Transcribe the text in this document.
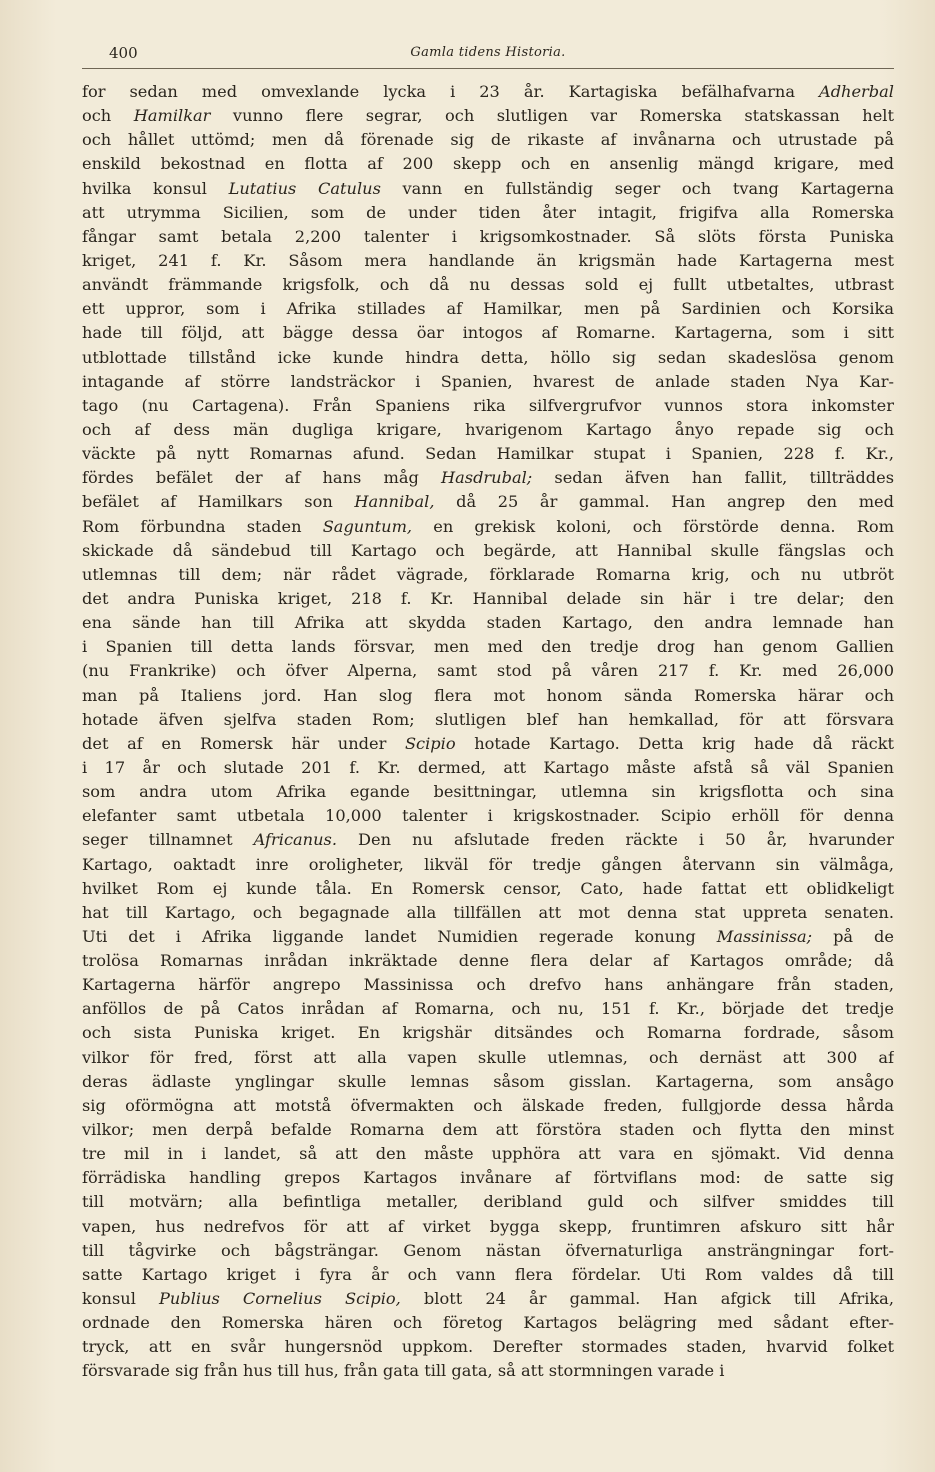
400	Gamla tidens Historia.
for sedan med omvexlande lycka i 23 år. Kartagiska befälhafvarna Adherbal
och Hamilkar vunno flere segrar, och slutligen var Romerska statskassan helt
och hållet uttömd; men då förenade sig de rikaste af invånarna och utrustade på
enskild bekostnad en flotta af 200 skepp och en ansenlig mängd krigare, med
hvilka konsul Lutatius Catulus vann en fullständig seger och tvang Kartagerna
att utrymma Sicilien, som de under tiden åter intagit, frigifva alla Romerska
fångar samt betala 2,200 talenter i krigsomkostnader. Så slöts första Puniska
kriget, 241 f. Kr. Såsom mera handlande än krigsmän hade Kartagerna mest
användt främmande krigsfolk, och då nu dessas sold ej fullt utbetaltes, utbrast
ett uppror, som i Afrika stillades af Hamilkar, men på Sardinien och Korsika
hade till följd, att bägge dessa öar intogos af Romarne. Kartagerna, som i sitt
utblottade tillstånd icke kunde hindra detta, höllo sig sedan skadeslösa genom
intagande af större landsträckor i Spanien, hvarest de anlade staden Nya Kar-
tago (nu Cartagena). Från Spaniens rika silfvergrufvor vunnos stora inkomster
och af dess män dugliga krigare, hvarigenom Kartago ånyo repade sig och
väckte på nytt Romarnas afund. Sedan Hamilkar stupat i Spanien, 228 f. Kr.,
fördes befälet der af hans måg Hasdrubal; sedan äfven han fallit, tillträddes
befälet af Hamilkars son Hannibal, då 25 år gammal. Han angrep den med
Rom förbundna staden Saguntum, en grekisk koloni, och förstörde denna. Rom
skickade då sändebud till Kartago och begärde, att Hannibal skulle fängslas och
utlemnas till dem; när rådet vägrade, förklarade Romarna krig, och nu utbröt
det andra Puniska kriget, 218 f. Kr. Hannibal delade sin här i tre delar; den
ena sände han till Afrika att skydda staden Kartago, den andra lemnade han
i Spanien till detta lands försvar, men med den tredje drog han genom Gallien
(nu Frankrike) och öfver Alperna, samt stod på våren 217 f. Kr. med 26,000
man på Italiens jord. Han slog flera mot honom sända Romerska härar och
hotade äfven sjelfva staden Rom; slutligen blef han hemkallad, för att försvara
det af en Romersk här under Scipio hotade Kartago. Detta krig hade då räckt
i 17 år och slutade 201 f. Kr. dermed, att Kartago måste afstå så väl Spanien
som andra utom Afrika egande besittningar, utlemna sin krigsflotta och sina
elefanter samt utbetala 10,000 talenter i krigskostnader. Scipio erhöll för denna
seger tillnamnet Africanus. Den nu afslutade freden räckte i 50 år, hvarunder
Kartago, oaktadt inre oroligheter, likväl för tredje gången återvann sin välmåga,
hvilket Rom ej kunde tåla. En Romersk censor, Cato, hade fattat ett oblidkeligt
hat till Kartago, och begagnade alla tillfällen att mot denna stat uppreta senaten.
Uti det i Afrika liggande landet Numidien regerade konung Massinissa; på de
trolösa Romarnas inrådan inkräktade denne flera delar af Kartagos område; då
Kartagerna härför angrepo Massinissa och drefvo hans anhängare från staden,
anföllos de på Catos inrådan af Romarna, och nu, 151 f. Kr., började det tredje
och sista Puniska kriget. En krigshär ditsändes och Romarna fordrade, såsom
vilkor för fred, först att alla vapen skulle utlemnas, och dernäst att 300 af
deras ädlaste ynglingar skulle lemnas såsom gisslan. Kartagerna, som ansågo
sig oförmögna att motstå öfvermakten och älskade freden, fullgjorde dessa hårda
vilkor; men derpå befalde Romarna dem att förstöra staden och flytta den minst
tre mil in i landet, så att den måste upphöra att vara en sjömakt. Vid denna
förrädiska handling grepos Kartagos invånare af förtviflans mod: de satte sig
till motvärn; alla befintliga metaller, deribland guld och silfver smiddes till
vapen, hus nedrefvos för att af virket bygga skepp, fruntimren afskuro sitt hår
till tågvirke och bågsträngar. Genom nästan öfvernaturliga ansträngningar fort-
satte Kartago kriget i fyra år och vann flera fördelar. Uti Rom valdes då till
konsul Publius Cornelius Scipio, blott 24 år gammal. Han afgick till Afrika,
ordnade den Romerska hären och företog Kartagos belägring med sådant efter-
tryck, att en svår hungersnöd uppkom. Derefter stormades staden, hvarvid folket
försvarade sig från hus till hus, från gata till gata, så att stormningen varade i
